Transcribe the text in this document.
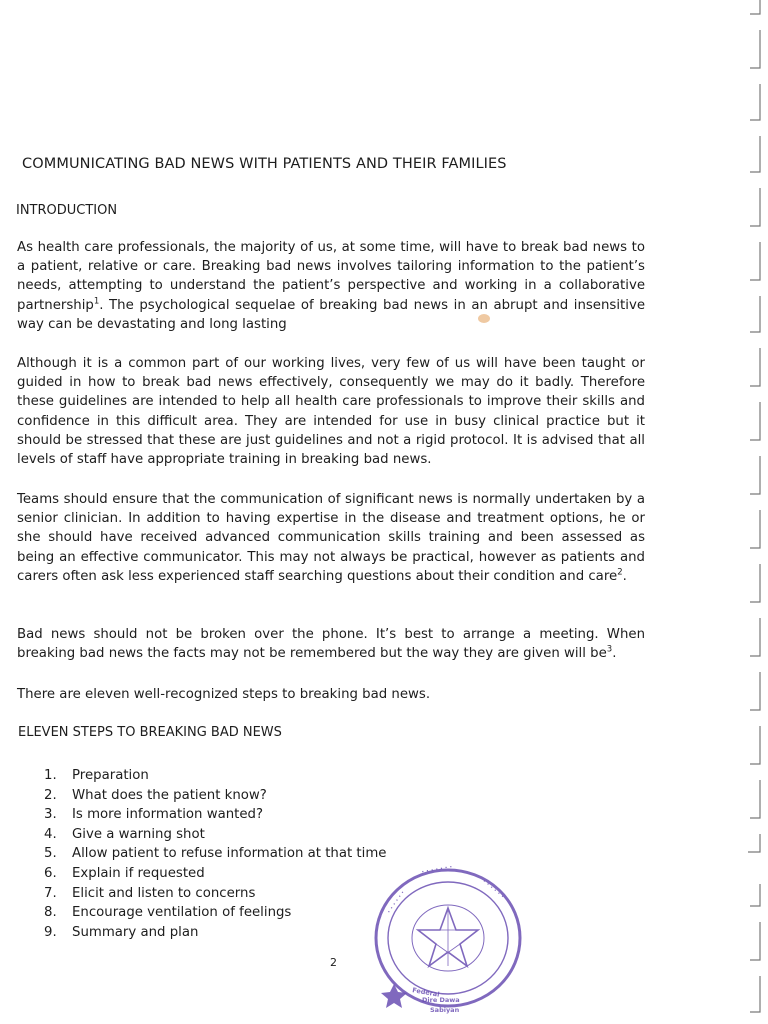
COMMUNICATING BAD NEWS WITH PATIENTS AND THEIR FAMILIES
INTRODUCTION

As health care professionals, the majority of us, at some time, will have to break bad news to a patient, relative or care. Breaking bad news involves tailoring information to the patient’s needs, attempting to understand the patient’s perspective and working in a collaborative partnership$^1$. The psychological sequelae of breaking bad news in an abrupt and insensitive way can be devastating and long lasting

Although it is a common part of our working lives, very few of us will have been taught or guided in how to break bad news effectively, consequently we may do it badly. Therefore these guidelines are intended to help all health care professionals to improve their skills and confidence in this difficult area. They are intended for use in busy clinical practice but it should be stressed that these are just guidelines and not a rigid protocol. It is advised that all levels of staff have appropriate training in breaking bad news.

Teams should ensure that the communication of significant news is normally undertaken by a senior clinician. In addition to having expertise in the disease and treatment options, he or she should have received advanced communication skills training and been assessed as being an effective communicator. This may not always be practical, however as patients and carers often ask less experienced staff searching questions about their condition and care$^2$.

Bad news should not be broken over the phone. It’s best to arrange a meeting. When breaking bad news the facts may not be remembered but the way they are given will $be^3$.

There are eleven well-recognized steps to breaking bad news.

ELEVEN STEPS TO BREAKING BAD NEWS
1.	Preparation
2.	What does the patient know?
3.	Is more information wanted?
4.	Give a warning shot
5.	Allow patient to refuse information at that time
6.	Explain if requested
7.	Elicit and listen to concerns
8.	Encourage ventilation of feelings
9.	Summary and plan
2
· · · · · ·
· · · · · · ·
· · · · · ·
Federal
Dire Dawa
Sabiyan
